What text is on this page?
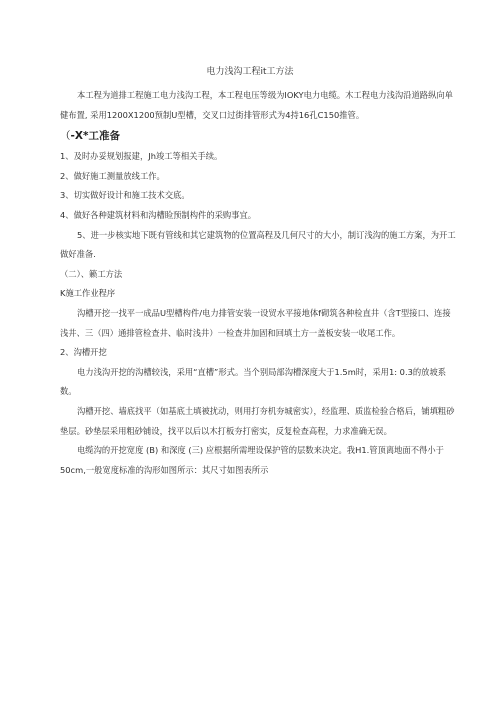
电力浅沟工程it工方法

本工程为道排工程施工电力浅沟工程，本工程电压等级为IOKY电力电缆。木工程电力浅沟沿道路纵向单健布置, 采用1200X1200预制U型槽，交叉口过街排管形式为4持16孔C150推管。

（-X*工准备

1、及时办妥规划报建，Jh竣工等相关手续。

2、做好施工测量放线工作。

3、切实做好设计和施工技术交底。

4、做好各种建筑材料和沟槽睑预制构件的采购事宜。

5、进一步核实地下既有管线和其它建筑物的位置高程及几何尺寸的大小，制订浅沟的施工方案，为开工做好准备.

（二）、籁工方法

K施工作业程序

沟槽开挖一找平一成品U型槽构件/电力排管安装一设贸水平接地体f砌筑各种检直井（含T型接口、连接浅井、三（四）通排管检查井、临时浅井）一检查井加固和回填土方一盖板安装一收尾工作。

2、沟槽开挖

电力浅沟开挖的沟槽较浅，采用“直槽”形式。当个别局部沟槽深度大于1.5m时，采用1: 0.3的放坡系数。

沟槽开挖、墙底找平（如基底土填被扰动，则用打夯机夯城密实），经监理、质监检验合格后，铺填粗砂垫层。砂垫层采用粗砂铺设，找平以后以木打板夯打密实，反复检查高程，力求准确无误。

电缆沟的开挖宽度 (B) 和深度 (三) 应根据所需埋设保护管的层数来决定。我H1.管顶离地面不得小于50cm,一般宽度标准的沟形如图所示：其尺寸如图表所示
